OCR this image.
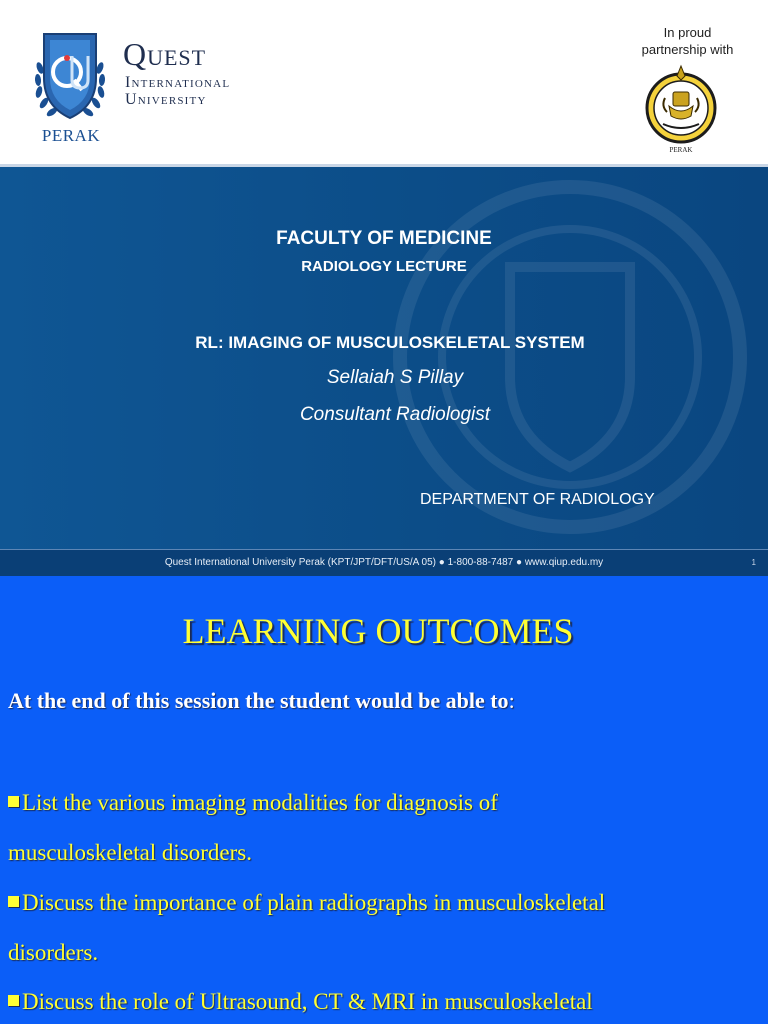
PERAK
Quest
International
University
In proud
partnership with
PERAK
FACULTY OF MEDICINE
RADIOLOGY LECTURE
RL: IMAGING OF MUSCULOSKELETAL SYSTEM
Sellaiah S Pillay
Consultant Radiologist
DEPARTMENT OF RADIOLOGY
Quest International University Perak (KPT/JPT/DFT/US/A 05) ● 1-800-88-7487 ● www.qiup.edu.my	1
LEARNING OUTCOMES
At the end of this session the student would be able to:
List the various imaging modalities for diagnosis of
musculoskeletal disorders.
Discuss the importance of plain radiographs in musculoskeletal
disorders.
Discuss the role of Ultrasound, CT & MRI in musculoskeletal
